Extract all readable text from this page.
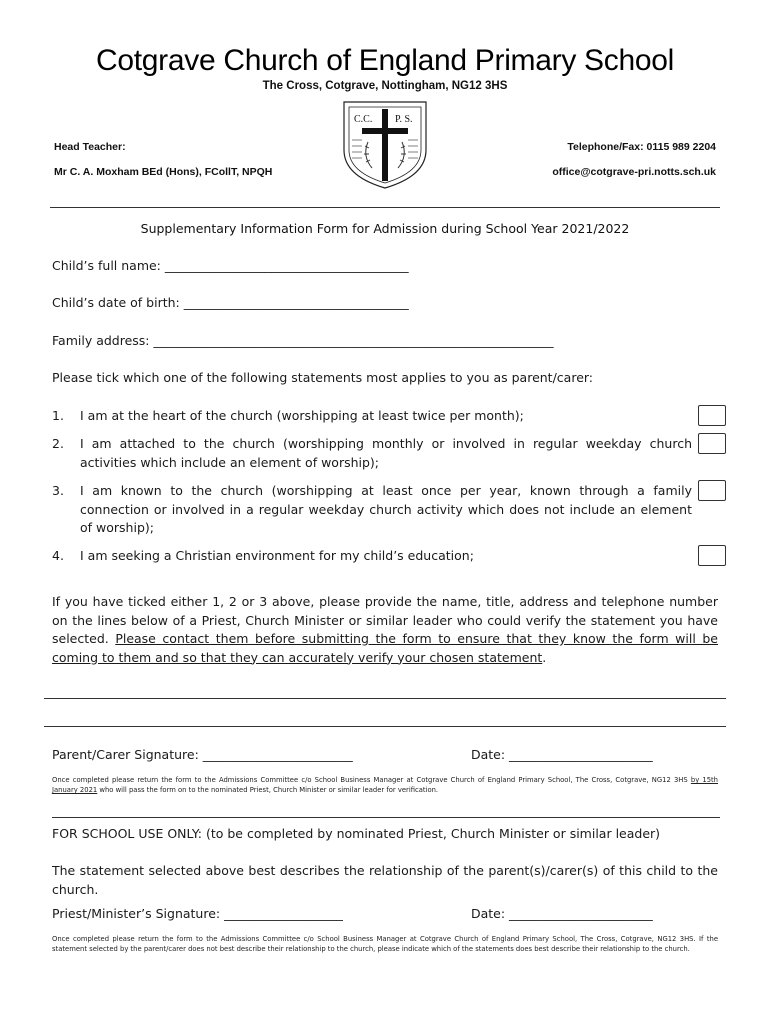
Cotgrave Church of England Primary School
The Cross, Cotgrave, Nottingham, NG12 3HS
Head Teacher:
Mr C. A. Moxham BEd (Hons), FCollT, NPQH
Telephone/Fax: 0115 989 2204
office@cotgrave-pri.notts.sch.uk
C.C. P. S.
Supplementary Information Form for Admission during School Year 2021/2022
Child’s full name: _______________________________________
Child’s date of birth: ____________________________________
Family address: ________________________________________________________________
Please tick which one of the following statements most applies to you as parent/carer:
1.	I am at the heart of the church (worshipping at least twice per month);
2.	I am attached to the church (worshipping monthly or involved in regular weekday church activities which include an element of worship);
3.	I am known to the church (worshipping at least once per year, known through a family connection or involved in a regular weekday church activity which does not include an element of worship);
4.	I am seeking a Christian environment for my child’s education;
If you have ticked either 1, 2 or 3 above, please provide the name, title, address and telephone number on the lines below of a Priest, Church Minister or similar leader who could verify the statement you have selected. Please contact them before submitting the form to ensure that they know the form will be coming to them and so that they can accurately verify your chosen statement.
Parent/Carer Signature: ________________________	Date: _______________________
Once completed please return the form to the Admissions Committee c/o School Business Manager at Cotgrave Church of England Primary School, The Cross, Cotgrave, NG12 3HS by 15th January 2021 who will pass the form on to the nominated Priest, Church Minister or similar leader for verification.
FOR SCHOOL USE ONLY: (to be completed by nominated Priest, Church Minister or similar leader)
The statement selected above best describes the relationship of the parent(s)/carer(s) of this child to the church.
Priest/Minister’s Signature: ___________________	Date: _______________________
Once completed please return the form to the Admissions Committee c/o School Business Manager at Cotgrave Church of England Primary School, The Cross, Cotgrave, NG12 3HS. If the statement selected by the parent/carer does not best describe their relationship to the church, please indicate which of the statements does best describe their relationship to the church.
